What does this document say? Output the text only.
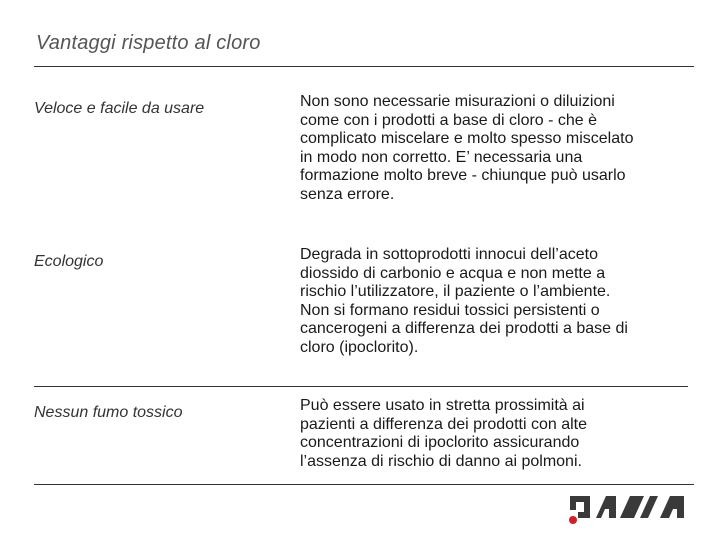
Vantaggi rispetto al cloro
Veloce e facile da usare	Non sono necessarie misurazioni o diluizioni
come con i prodotti a base di cloro - che è
complicato miscelare e molto spesso miscelato
in modo non corretto. E’ necessaria una
formazione molto breve - chiunque può usarlo
senza errore.
Ecologico	Degrada in sottoprodotti innocui dell’aceto
diossido di carbonio e acqua e non mette a
rischio l’utilizzatore, il paziente o l’ambiente.
Non si formano residui tossici persistenti o
cancerogeni a differenza dei prodotti a base di
cloro (ipoclorito).
Nessun fumo tossico	Può essere usato in stretta prossimità ai
pazienti a differenza dei prodotti con alte
concentrazioni di ipoclorito assicurando
l’assenza di rischio di danno ai polmoni.
